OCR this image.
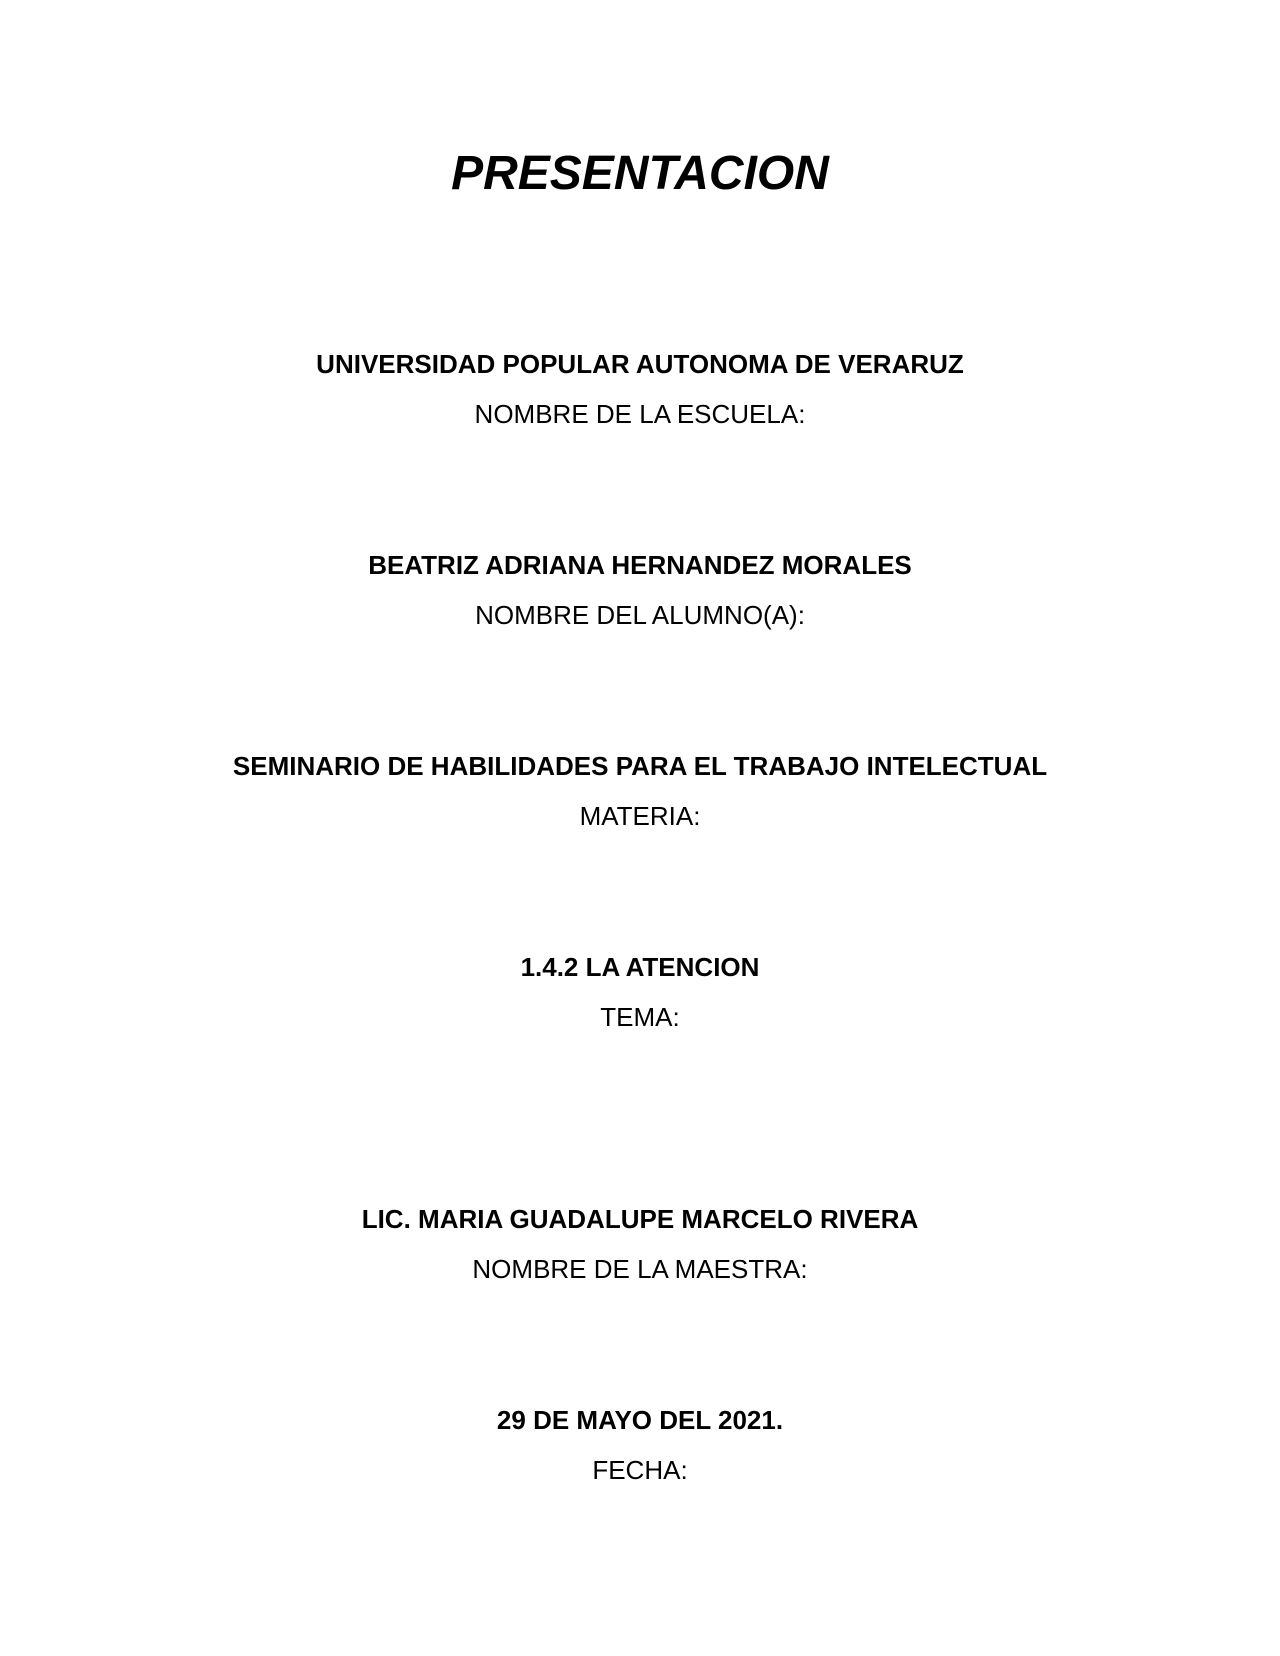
PRESENTACION

UNIVERSIDAD POPULAR AUTONOMA DE VERARUZ

NOMBRE DE LA ESCUELA:

BEATRIZ ADRIANA HERNANDEZ MORALES

NOMBRE DEL ALUMNO(A):

SEMINARIO DE HABILIDADES PARA EL TRABAJO INTELECTUAL

MATERIA:

1.4.2 LA ATENCION

TEMA:

LIC. MARIA GUADALUPE MARCELO RIVERA

NOMBRE DE LA MAESTRA:

29 DE MAYO DEL 2021.

FECHA:
